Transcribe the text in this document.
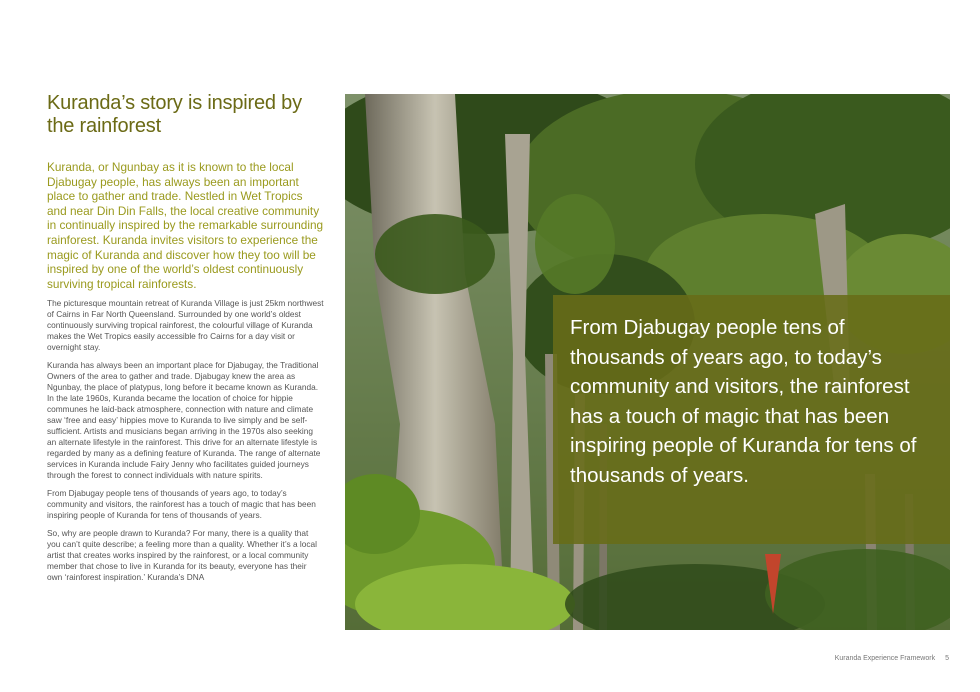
Kuranda’s story is inspired by the rainforest

Kuranda, or Ngunbay as it is known to the local Djabugay people, has always been an important place to gather and trade. Nestled in Wet Tropics and near Din Din Falls, the local creative community in continually inspired by the remarkable surrounding rainforest. Kuranda invites visitors to experience the magic of Kuranda and discover how they too will be inspired by one of the world’s oldest continuously surviving tropical rainforests.

The picturesque mountain retreat of Kuranda Village is just 25km northwest of Cairns in Far North Queensland. Surrounded by one world’s oldest continuously surviving tropical rainforest, the colourful village of Kuranda makes the Wet Tropics easily accessible fro Cairns for a day visit or overnight stay.

Kuranda has always been an important place for Djabugay, the Traditional Owners of the area to gather and trade. Djabugay knew the area as Ngunbay, the place of platypus, long before it became known as Kuranda. In the late 1960s, Kuranda became the location of choice for hippie communes he laid-back atmosphere, connection with nature and climate saw ‘free and easy’ hippies move to Kuranda to live simply and be self-sufficient. Artists and musicians began arriving in the 1970s also seeking an alternate lifestyle in the rainforest. This drive for an alternate lifestyle is regarded by many as a defining feature of Kuranda. The range of alternate services in Kuranda include Fairy Jenny who facilitates guided journeys through the forest to connect individuals with nature spirits.

From Djabugay people tens of thousands of years ago, to today’s community and visitors, the rainforest has a touch of magic that has been inspiring people of Kuranda for tens of thousands of years.

So, why are people drawn to Kuranda? For many, there is a quality that you can’t quite describe; a feeling more than a quality. Whether it’s a local artist that creates works inspired by the rainforest, or a local community member that chose to live in Kuranda for its beauty, everyone has their own ‘rainforest inspiration.’ Kuranda’s DNA

From Djabugay people tens of thousands of years ago, to today’s community and visitors, the rainforest has a touch of magic that has been inspiring people of Kuranda for tens of thousands of years.

Kuranda Experience Framework 5
